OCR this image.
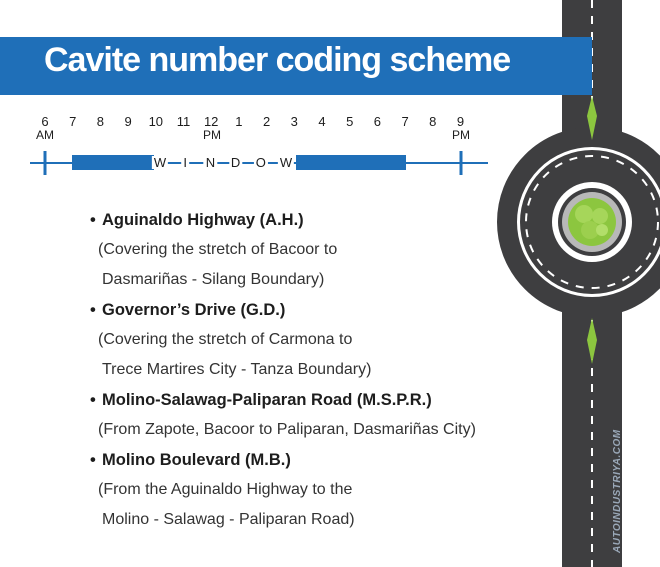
Cavite number coding scheme
6 7 8 9 10 11 12 1 2 3 4 5 6 7 8 9
W I N D O W
AM	PM	PM
• Aguinaldo Highway (A.H.)
(Covering the stretch of Bacoor to
Dasmariñas - Silang Boundary)
• Governor’s Drive (G.D.)
(Covering the stretch of Carmona to
Trece Martires City - Tanza Boundary)
• Molino-Salawag-Paliparan Road (M.S.P.R.)
(From Zapote, Bacoor to Paliparan, Dasmariñas City)
• Molino Boulevard (M.B.)
(From the Aguinaldo Highway to the
Molino - Salawag - Paliparan Road)	AUTOINDUSTRIYA.COM
